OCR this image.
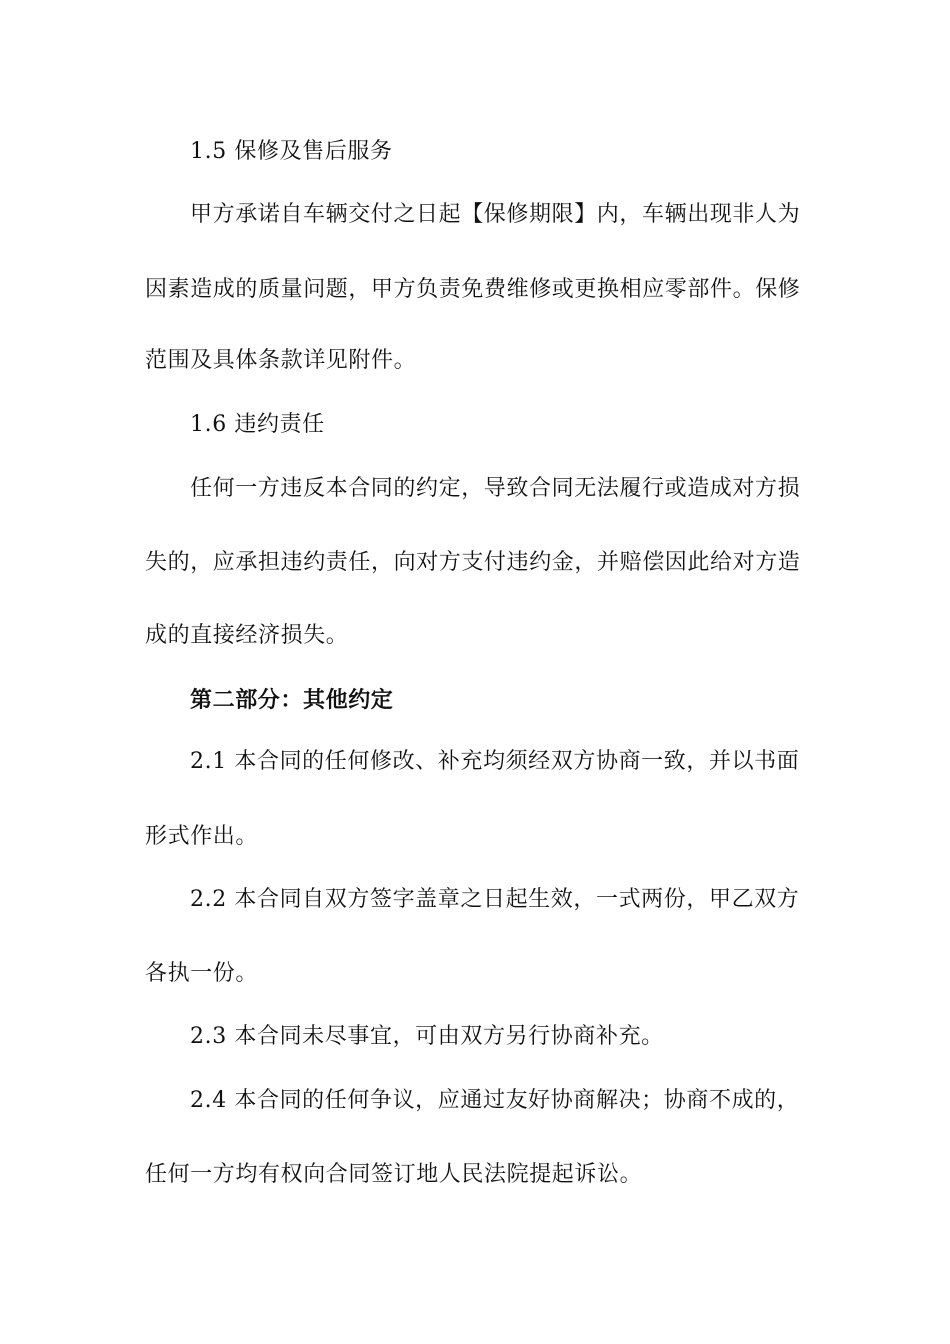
1.5 保修及售后服务
甲方承诺自车辆交付之日起【保修期限】内，车辆出现非人为
因素造成的质量问题，甲方负责免费维修或更换相应零部件。保修
范围及具体条款详见附件。
1.6 违约责任
任何一方违反本合同的约定，导致合同无法履行或造成对方损
失的，应承担违约责任，向对方支付违约金，并赔偿因此给对方造
成的直接经济损失。
第二部分：其他约定
2.1 本合同的任何修改、补充均须经双方协商一致，并以书面
形式作出。
2.2 本合同自双方签字盖章之日起生效，一式两份，甲乙双方
各执一份。
2.3 本合同未尽事宜，可由双方另行协商补充。
2.4 本合同的任何争议，应通过友好协商解决；协商不成的，
任何一方均有权向合同签订地人民法院提起诉讼。
